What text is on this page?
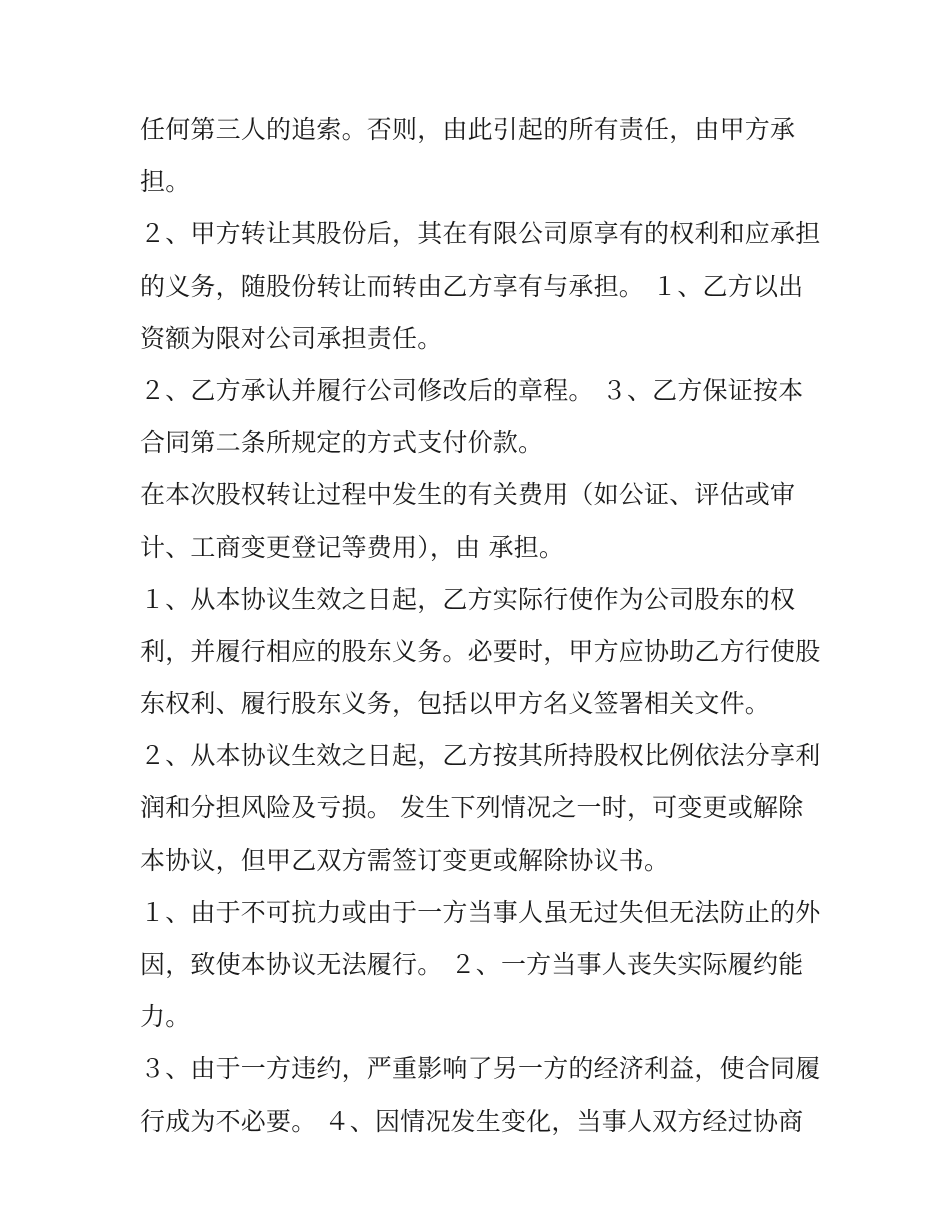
任何第三人的追索。否则，由此引起的所有责任，由甲方承
担。
２、甲方转让其股份后，其在有限公司原享有的权利和应承担
的义务，随股份转让而转由乙方享有与承担。 １、乙方以出
资额为限对公司承担责任。
２、乙方承认并履行公司修改后的章程。 ３、乙方保证按本
合同第二条所规定的方式支付价款。
在本次股权转让过程中发生的有关费用（如公证、评估或审
计、工商变更登记等费用），由 承担。
１、从本协议生效之日起，乙方实际行使作为公司股东的权
利，并履行相应的股东义务。必要时，甲方应协助乙方行使股
东权利、履行股东义务，包括以甲方名义签署相关文件。
２、从本协议生效之日起，乙方按其所持股权比例依法分享利
润和分担风险及亏损。 发生下列情况之一时，可变更或解除
本协议，但甲乙双方需签订变更或解除协议书。
１、由于不可抗力或由于一方当事人虽无过失但无法防止的外
因，致使本协议无法履行。 ２、一方当事人丧失实际履约能
力。
３、由于一方违约，严重影响了另一方的经济利益，使合同履
行成为不必要。 ４、因情况发生变化，当事人双方经过协商
